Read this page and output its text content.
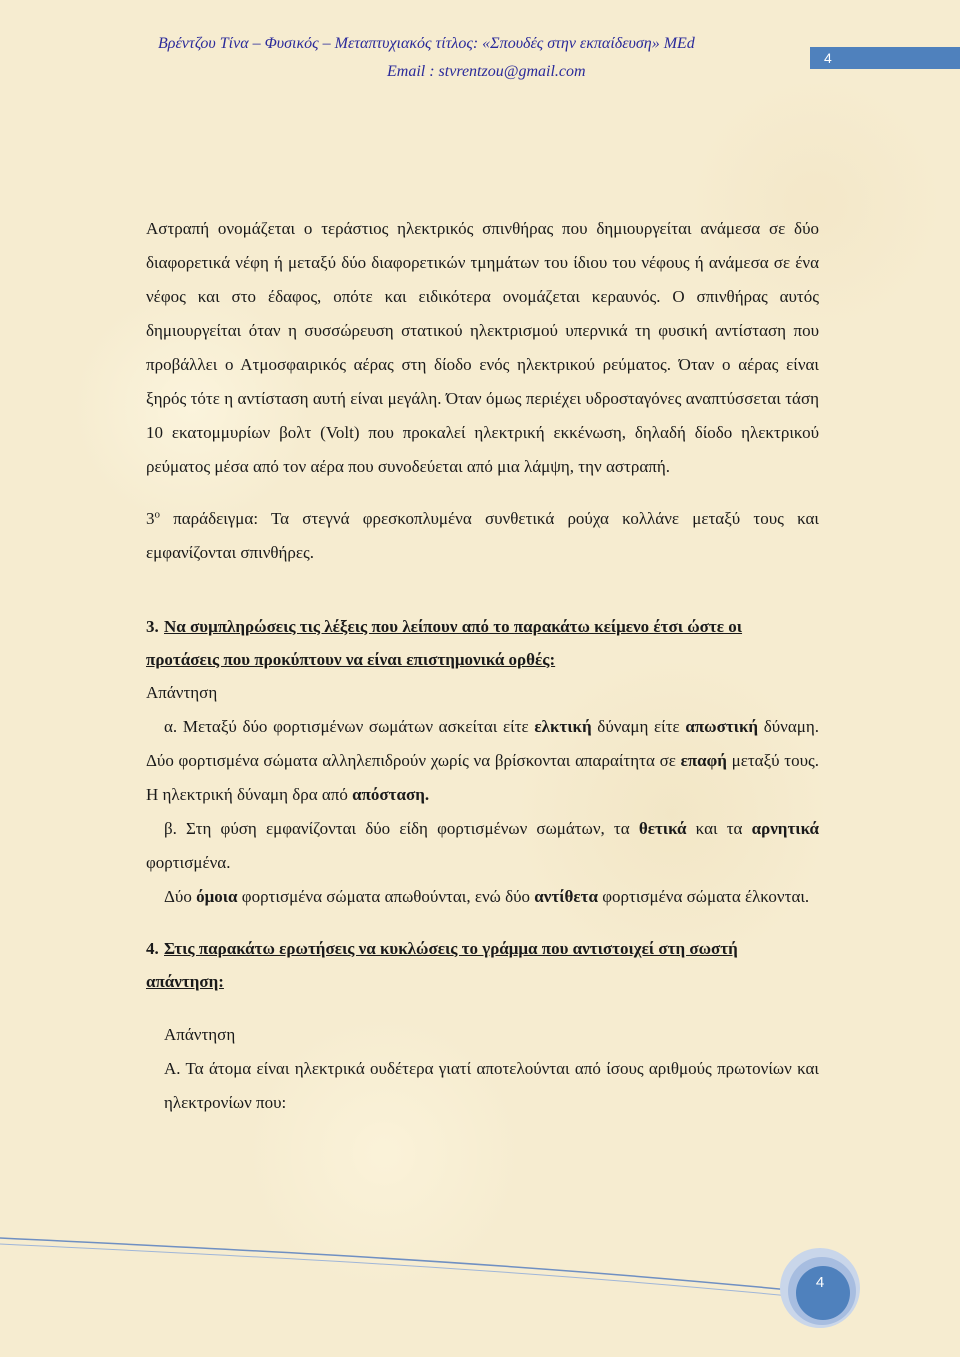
Βρέντζου Τίνα – Φυσικός – Μεταπτυχιακός τίτλος: «Σπουδές στην εκπαίδευση» MEd
Email : stvrentzou@gmail.com
4

Αστραπή ονομάζεται ο τεράστιος ηλεκτρικός σπινθήρας που δημιουργείται ανάμεσα σε δύο διαφορετικά νέφη ή μεταξύ δύο διαφορετικών τμημάτων του ίδιου του νέφους ή ανάμεσα σε ένα νέφος και στο έδαφος, οπότε και ειδικότερα ονομάζεται κεραυνός. Ο σπινθήρας αυτός δημιουργείται όταν η συσσώρευση στατικού ηλεκτρισμού υπερνικά τη φυσική αντίσταση που προβάλλει ο Ατμοσφαιρικός αέρας στη δίοδο ενός ηλεκτρικού ρεύματος. Όταν ο αέρας είναι ξηρός τότε η αντίσταση αυτή είναι μεγάλη. Όταν όμως περιέχει υδροσταγόνες αναπτύσσεται τάση 10 εκατομμυρίων βολτ (Volt) που προκαλεί ηλεκτρική εκκένωση, δηλαδή δίοδο ηλεκτρικού ρεύματος μέσα από τον αέρα που συνοδεύεται από μια λάμψη, την αστραπή.

$3^o$ παράδειγμα: Τα στεγνά φρεσκοπλυμένα συνθετικά ρούχα κολλάνε μεταξύ τους και εμφανίζονται σπινθήρες.

3. Να συμπληρώσεις τις λέξεις που λείπουν από το παρακάτω κείμενο έτσι ώστε οι προτάσεις που προκύπτουν να είναι επιστημονικά ορθές:
Απάντηση

α. Μεταξύ δύο φορτισμένων σωμάτων ασκείται είτε ελκτική δύναμη είτε απωστική δύναμη. Δύο φορτισμένα σώματα αλληλεπιδρούν χωρίς να βρίσκονται απαραίτητα σε επαφή μεταξύ τους. Η ηλεκτρική δύναμη δρα από απόσταση.

β. Στη φύση εμφανίζονται δύο είδη φορτισμένων σωμάτων, τα θετικά και τα αρνητικά φορτισμένα.

Δύο όμοια φορτισμένα σώματα απωθούνται, ενώ δύο αντίθετα φορτισμένα σώματα έλκονται.

4. Στις παρακάτω ερωτήσεις να κυκλώσεις το γράμμα που αντιστοιχεί στη σωστή απάντηση:
Απάντηση

Α. Τα άτομα είναι ηλεκτρικά ουδέτερα γιατί αποτελούνται από ίσους αριθμούς πρωτονίων και ηλεκτρονίων που:

4
